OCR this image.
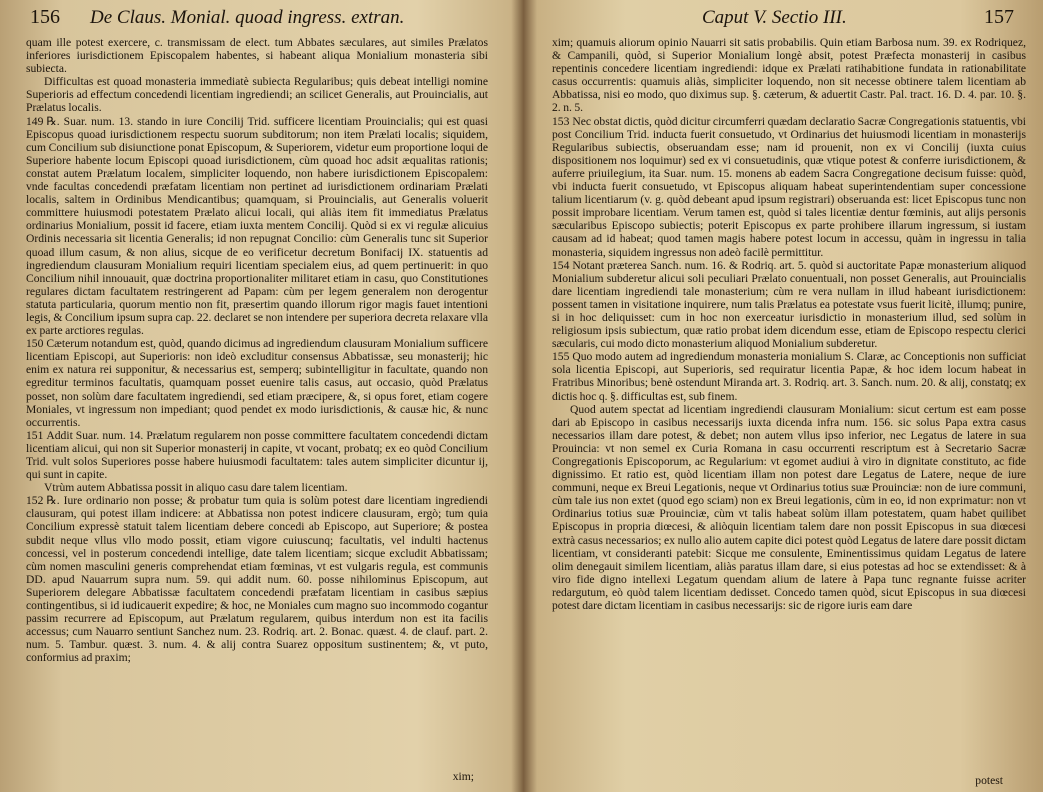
156 De Claus. Monial. quoad ingress. extran.

quam ille potest exercere, c. transmissam de elect. tum Abbates sæculares, aut similes Prælatos inferiores iurisdictionem Episcopalem habentes, si habeant aliqua Monialium monasteria sibi subiecta.

Difficultas est quoad monasteria immediatè subiecta Regularibus; quis debeat intelligi nomine Superioris ad effectum concedendi licentiam ingrediendi; an scilicet Generalis, aut Prouincialis, aut Prælatus localis.

149 ℞. Suar. num. 13. stando in iure Concilij Trid. sufficere licentiam Prouincialis; qui est quasi Episcopus quoad iurisdictionem respectu suorum subditorum; non item Prælati localis; siquidem, cum Concilium sub disiunctione ponat Episcopum, & Superiorem, videtur eum proportione loqui de Superiore habente locum Episcopi quoad iurisdictionem, cùm quoad hoc adsit æqualitas rationis; constat autem Prælatum localem, simpliciter loquendo, non habere iurisdictionem Episcopalem: vnde facultas concedendi præfatam licentiam non pertinet ad iurisdictionem ordinariam Prælati localis, saltem in Ordinibus Mendicantibus; quamquam, si Prouincialis, aut Generalis voluerit committere huiusmodi potestatem Prælato alicui locali, qui aliàs item fit immediatus Prælatus ordinarius Monialium, possit id facere, etiam iuxta mentem Concilij. Quòd si ex vi regulæ alicuius Ordinis necessaria sit licentia Generalis; id non repugnat Concilio: cùm Generalis tunc sit Superior quoad illum casum, & non alius, sicque de eo verificetur decretum Bonifacij IX. statuentis ad ingrediendum clausuram Monialium requiri licentiam specialem eius, ad quem pertinuerit: in quo Concilium nihil innouauit, quæ doctrina proportionaliter militaret etiam in casu, quo Constitutiones regulares dictam facultatem restringerent ad Papam: cùm per legem generalem non derogentur statuta particularia, quorum mentio non fit, præsertim quando illorum rigor magis fauet intentioni legis, & Concilium ipsum supra cap. 22. declaret se non intendere per superiora decreta relaxare vlla ex parte arctiores regulas.

150 Cæterum notandum est, quòd, quando dicimus ad ingrediendum clausuram Monialium sufficere licentiam Episcopi, aut Superioris: non ideò excluditur consensus Abbatissæ, seu monasterij; hic enim ex natura rei supponitur, & necessarius est, semperq; subintelligitur in facultate, quando non egreditur terminos facultatis, quamquam posset euenire talis casus, aut occasio, quòd Prælatus posset, non solùm dare facultatem ingrediendi, sed etiam præcipere, &, si opus foret, etiam cogere Moniales, vt ingressum non impediant; quod pendet ex modo iurisdictionis, & causæ hic, & nunc occurrentis.

151 Addit Suar. num. 14. Prælatum regularem non posse committere facultatem concedendi dictam licentiam alicui, qui non sit Superior monasterij in capite, vt vocant, probatq; ex eo quòd Concilium Trid. vult solos Superiores posse habere huiusmodi facultatem: tales autem simpliciter dicuntur ij, qui sunt in capite.

Vtrùm autem Abbatissa possit in aliquo casu dare talem licentiam.

152 ℞. Iure ordinario non posse; & probatur tum quia is solùm potest dare licentiam ingrediendi clausuram, qui potest illam indicere: at Abbatissa non potest indicere clausuram, ergò; tum quia Concilium expressè statuit talem licentiam debere concedi ab Episcopo, aut Superiore; & postea subdit neque vllus vllo modo possit, etiam vigore cuiuscunq; facultatis, vel indulti hactenus concessi, vel in posterum concedendi intellige, date talem licentiam; sicque excludit Abbatissam; cùm nomen masculini generis comprehendat etiam fœminas, vt est vulgaris regula, est communis DD. apud Nauarrum supra num. 59. qui addit num. 60. posse nihilominus Episcopum, aut Superiorem delegare Abbatissæ facultatem concedendi præfatam licentiam in casibus sæpius contingentibus, si id iudicauerit expedire; & hoc, ne Moniales cum magno suo incommodo cogantur passim recurrere ad Episcopum, aut Prælatum regularem, quibus interdum non est ita facilis accessus; cum Nauarro sentiunt Sanchez num. 23. Rodriq. art. 2. Bonac. quæst. 4. de clauf. part. 2. num. 5. Tambur. quæst. 3. num. 4. & alij contra Suarez oppositum sustinentem; &, vt puto, conformius ad praxim;

xim;
Caput V. Sectio III.	157

xim; quamuis aliorum opinio Nauarri sit satis probabilis. Quin etiam Barbosa num. 39. ex Rodriquez, & Campanili, quòd, si Superior Monialium longè absit, potest Præfecta monasterij in casibus repentinis concedere licentiam ingrediendi: idque ex Prælati ratihabitione fundata in rationabilitate casus occurrentis: quamuis aliàs, simpliciter loquendo, non sit necesse obtinere talem licentiam ab Abbatissa, nisi eo modo, quo diximus sup. §. cæterum, & aduertit Castr. Pal. tract. 16. D. 4. par. 10. §. 2. n. 5.

153 Nec obstat dictis, quòd dicitur circumferri quædam declaratio Sacræ Congregationis statuentis, vbi post Concilium Trid. inducta fuerit consuetudo, vt Ordinarius det huiusmodi licentiam in monasterijs Regularibus subiectis, obseruandam esse; nam id prouenit, non ex vi Concilij (iuxta cuius dispositionem nos loquimur) sed ex vi consuetudinis, quæ vtique potest & conferre iurisdictionem, & auferre priuilegium, ita Suar. num. 15. monens ab eadem Sacra Congregatione decisum fuisse: quòd, vbi inducta fuerit consuetudo, vt Episcopus aliquam habeat superintendentiam super concessione talium licentiarum (v. g. quòd debeant apud ipsum registrari) obseruanda est: licet Episcopus tunc non possit improbare licentiam. Verum tamen est, quòd si tales licentiæ dentur fœminis, aut alijs personis sæcularibus Episcopo subiectis; poterit Episcopus ex parte prohibere illarum ingressum, si iustam causam ad id habeat; quod tamen magis habere potest locum in accessu, quàm in ingressu in talia monasteria, siquidem ingressus non adeò facilè permittitur.

154 Notant præterea Sanch. num. 16. & Rodriq. art. 5. quòd si auctoritate Papæ monasterium aliquod Monialium subderetur alicui soli peculiari Prælato conuentuali, non posset Generalis, aut Prouincialis dare licentiam ingrediendi tale monasterium; cùm re vera nullam in illud habeant iurisdictionem: possent tamen in visitatione inquirere, num talis Prælatus ea potestate vsus fuerit licitè, illumq; punire, si in hoc deliquisset: cum in hoc non exerceatur iurisdictio in monasterium illud, sed solùm in religiosum ipsis subiectum, quæ ratio probat idem dicendum esse, etiam de Episcopo respectu clerici sæcularis, cui modo dicto monasterium aliquod Monialium subderetur.

155 Quo modo autem ad ingrediendum monasteria monialium S. Claræ, ac Conceptionis non sufficiat sola licentia Episcopi, aut Superioris, sed requiratur licentia Papæ, & hoc idem locum habeat in Fratribus Minoribus; benè ostendunt Miranda art. 3. Rodriq. art. 3. Sanch. num. 20. & alij, constatq; ex dictis hoc q. §. difficultas est, sub finem.

Quod autem spectat ad licentiam ingrediendi clausuram Monialium: sicut certum est eam posse dari ab Episcopo in casibus necessarijs iuxta dicenda infra num. 156. sic solus Papa extra casus necessarios illam dare potest, & debet; non autem vllus ipso inferior, nec Legatus de latere in sua Prouincia: vt non semel ex Curia Romana in casu occurrenti rescriptum est à Secretario Sacræ Congregationis Episcoporum, ac Regularium: vt egomet audiui à viro in dignitate constituto, ac fide dignissimo. Et ratio est, quòd licentiam illam non potest dare Legatus de Latere, neque de iure communi, neque ex Breui Legationis, neque vt Ordinarius totius suæ Prouinciæ: non de iure communi, cùm tale ius non extet (quod ego sciam) non ex Breui legationis, cùm in eo, id non exprimatur: non vt Ordinarius totius suæ Prouinciæ, cùm vt talis habeat solùm illam potestatem, quam habet quilibet Episcopus in propria diœcesi, & aliòquin licentiam talem dare non possit Episcopus in sua diœcesi extrà casus necessarios; ex nullo alio autem capite dici potest quòd Legatus de latere dare possit dictam licentiam, vt consideranti patebit: Sicque me consulente, Eminentissimus quidam Legatus de latere olim denegauit similem licentiam, aliàs paratus illam dare, si eius potestas ad hoc se extendisset: & à viro fide digno intellexi Legatum quendam alium de latere à Papa tunc regnante fuisse acriter redargutum, eò quòd talem licentiam dedisset. Concedo tamen quòd, sicut Episcopus in sua diœcesi potest dare dictam licentiam in casibus necessarijs: sic de rigore iuris eam dare

potest
